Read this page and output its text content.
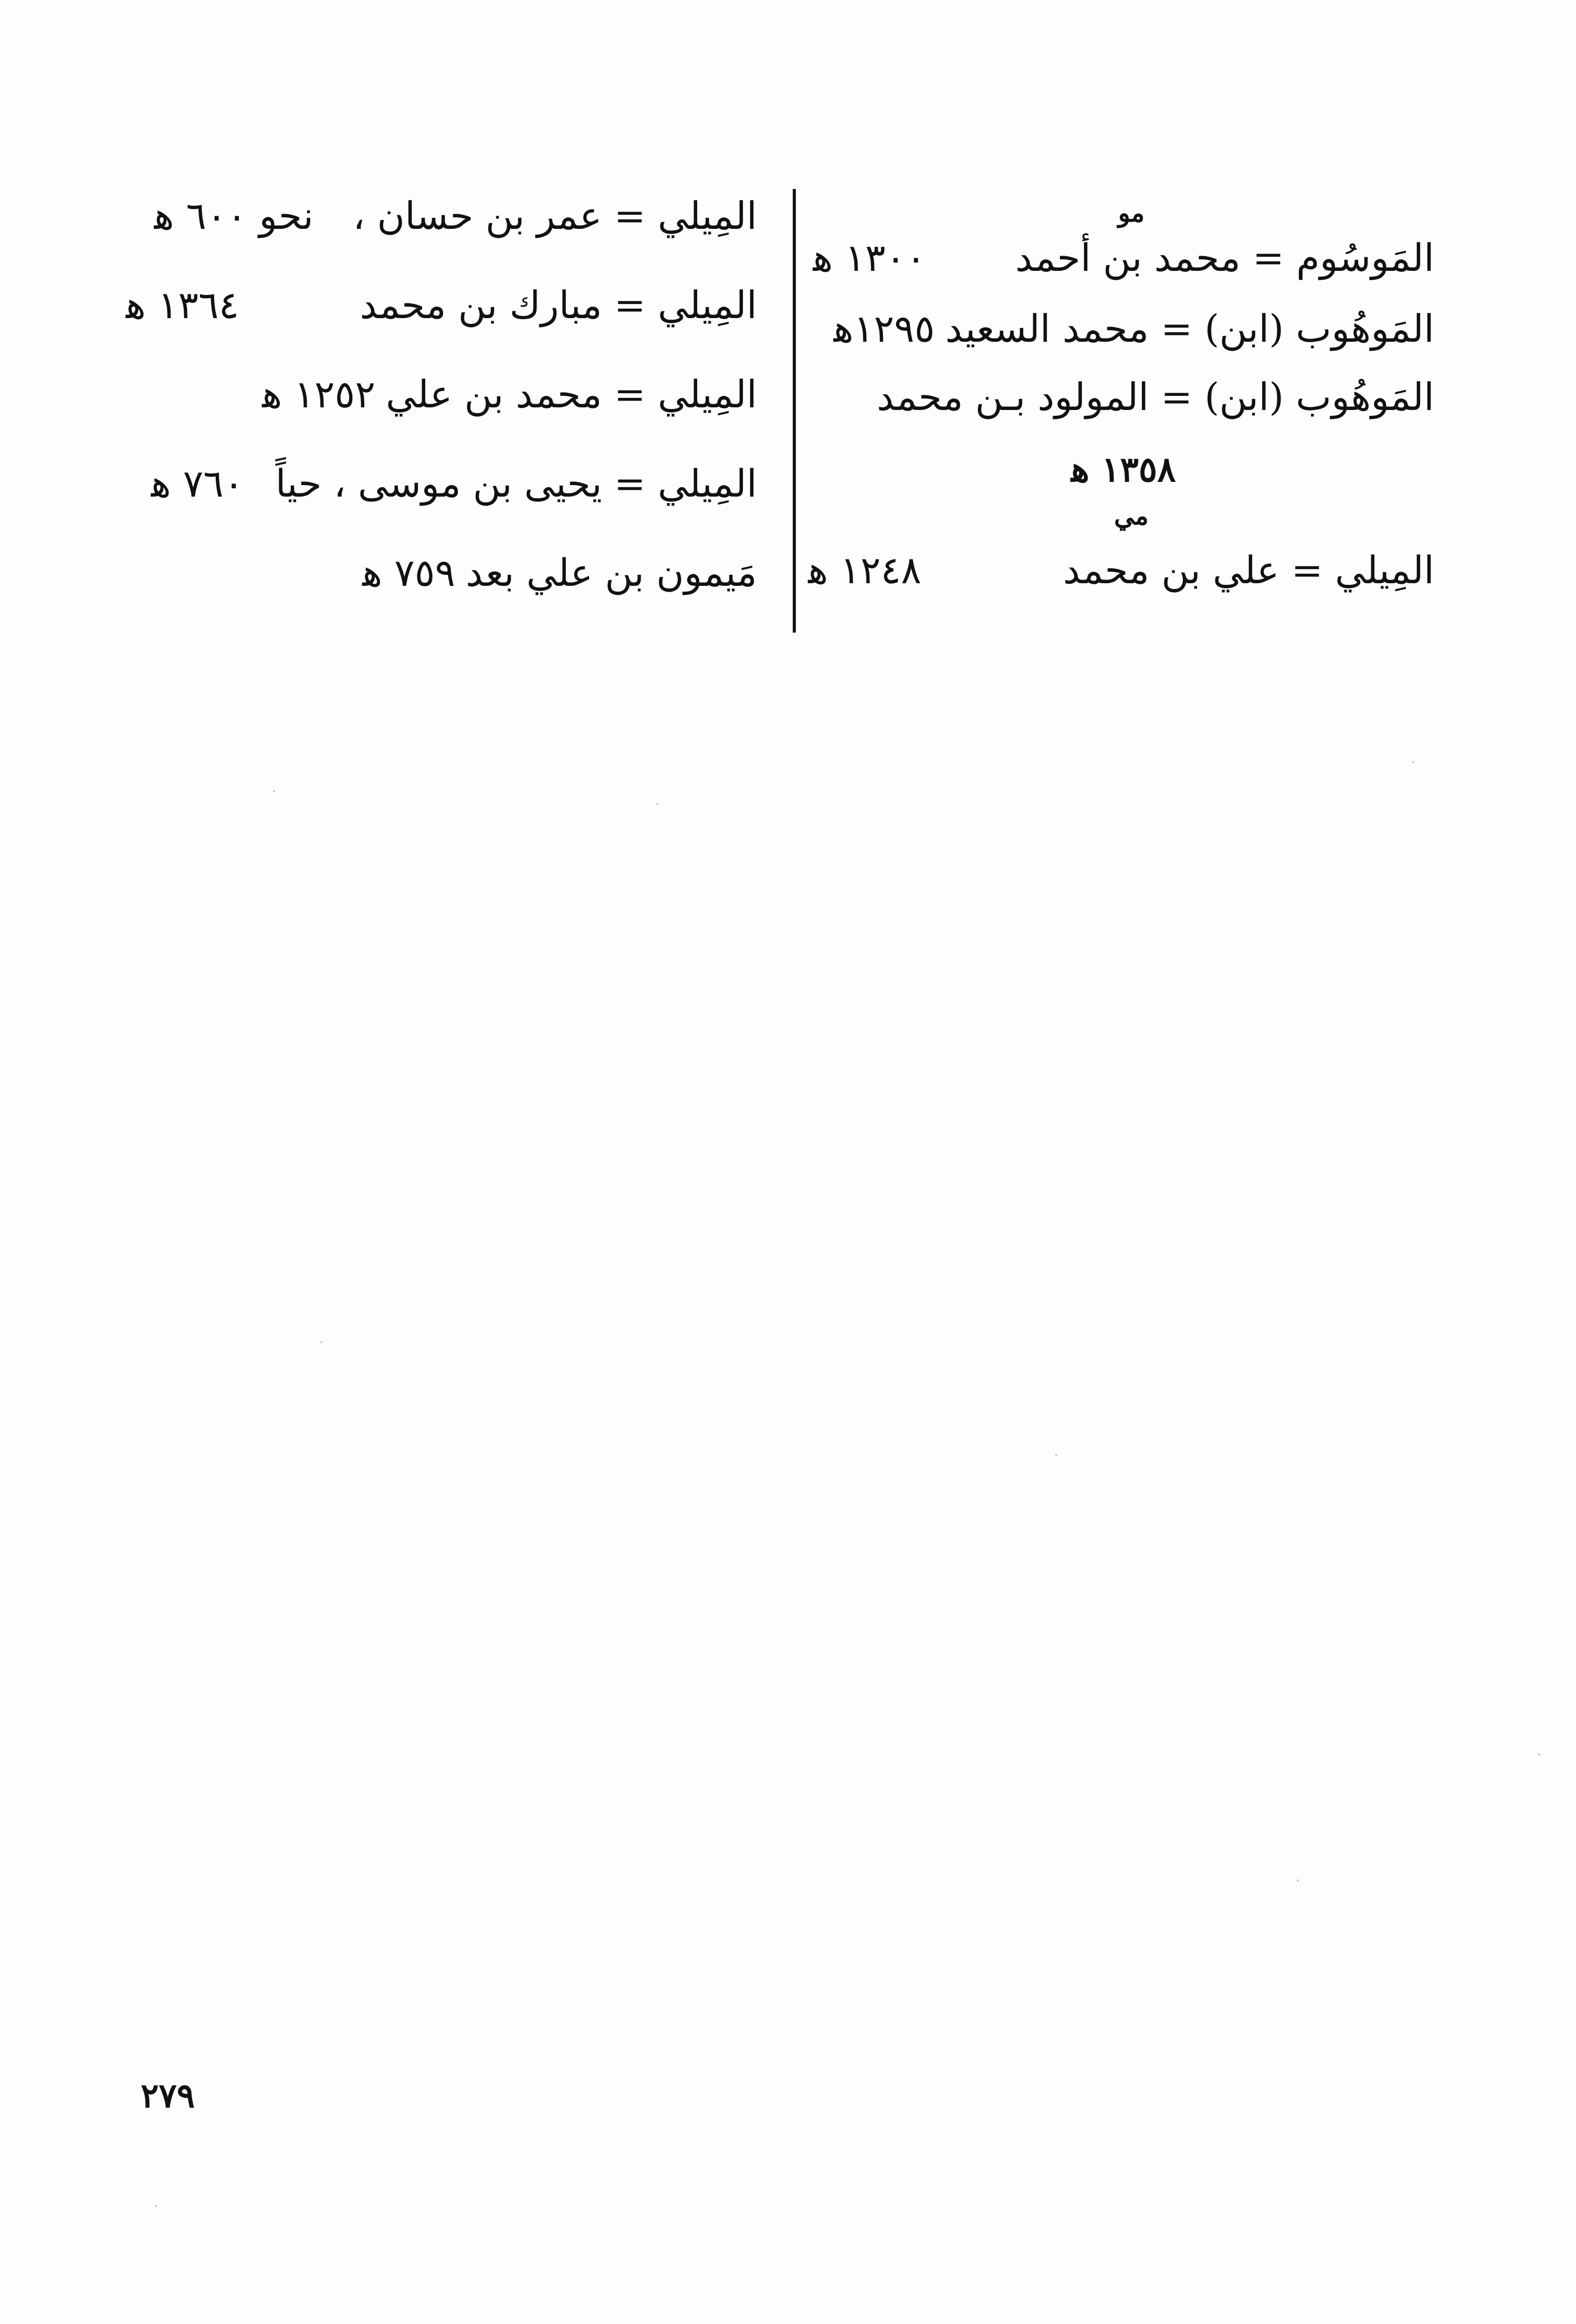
مو
المَوسُوم = محمد بن أحمد
١٣٠٠ ﻫ
المَوهُوب (ابن) = محمد السعيد
١٢٩٥ﻫ
المَوهُوب (ابن) = المولود بـن محمد
١٣٥٨ ﻫ
مي
المِيلي = علي بن محمد
١٢٤٨ ﻫ
المِيلي = عمر بن حسان ،
نحو ٦٠٠ ﻫ
المِيلي = مبارك بن محمد
١٣٦٤ ﻫ
المِيلي = محمد بن علي
١٢٥٢ ﻫ
المِيلي = يحيى بن موسى ، حياً
٧٦٠ ﻫ
مَيمون بن علي بعد
٧٥٩ ﻫ
٢٧٩
